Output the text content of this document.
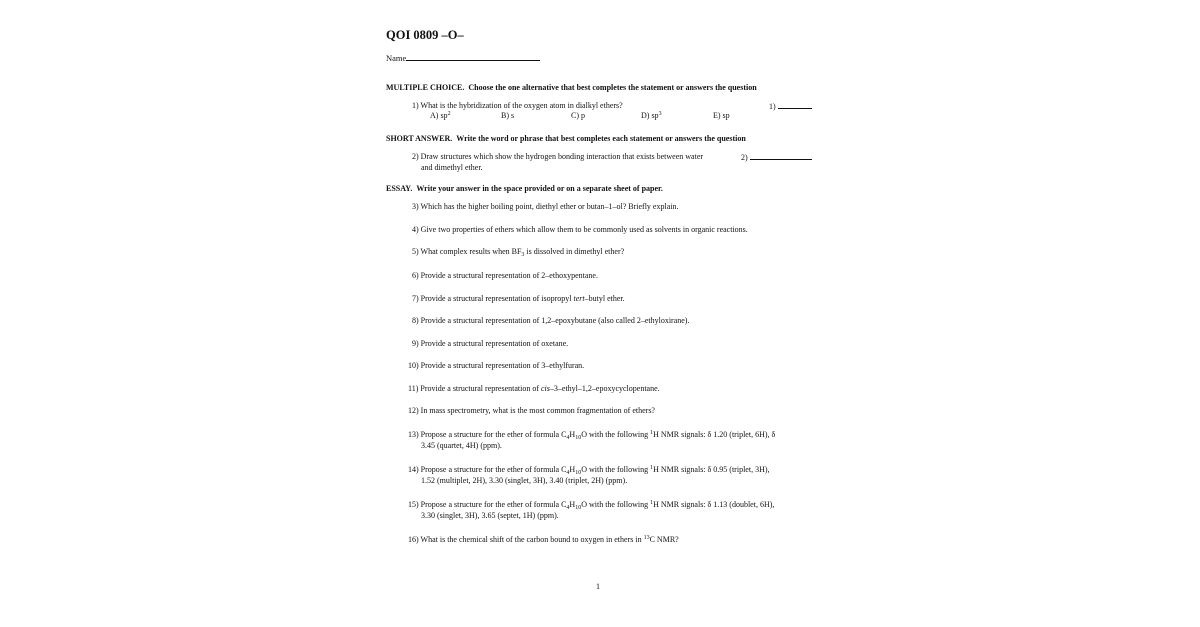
QOI 0809 –O–
Name
MULTIPLE CHOICE. Choose the one alternative that best completes the statement or answers the question
1) What is the hybridization of the oxygen atom in dialkyl ethers?	1)
A) $sp^2$	B) s	C) p	D) $sp^3$	E) sp
SHORT ANSWER. Write the word or phrase that best completes each statement or answers the question
2) Draw structures which show the hydrogen bonding interaction that exists between water
and dimethyl ether.
2)
ESSAY. Write your answer in the space provided or on a separate sheet of paper.
3) Which has the higher boiling point, diethyl ether or butan–1–ol? Briefly explain.
4) Give two properties of ethers which allow them to be commonly used as solvents in organic reactions.
5) What complex results when $BF_3$ is dissolved in dimethyl ether?
6) Provide a structural representation of 2–ethoxypentane.
7) Provide a structural representation of isopropyl tert–butyl ether.
8) Provide a structural representation of 1,2–epoxybutane (also called 2–ethyloxirane).
9) Provide a structural representation of oxetane.
10) Provide a structural representation of 3–ethylfuran.
11) Provide a structural representation of cis–3–ethyl–1,2–epoxycyclopentane.
12) In mass spectrometry, what is the most common fragmentation of ethers?
13) Propose a structure for the ether of formula $C_4H_{10}O$ with the following $^1$H NMR signals: δ 1.20 (triplet, 6H), δ
3.45 (quartet, 4H) (ppm).
14) Propose a structure for the ether of formula $C_4H_{10}O$ with the following $^1$H NMR signals: δ 0.95 (triplet, 3H),
1.52 (multiplet, 2H), 3.30 (singlet, 3H), 3.40 (triplet, 2H) (ppm).
15) Propose a structure for the ether of formula $C_4H_{10}O$ with the following $^1$H NMR signals: δ 1.13 (doublet, 6H),
3.30 (singlet, 3H), 3.65 (septet, 1H) (ppm).
16) What is the chemical shift of the carbon bound to oxygen in ethers in $^{13}$C NMR?
1
